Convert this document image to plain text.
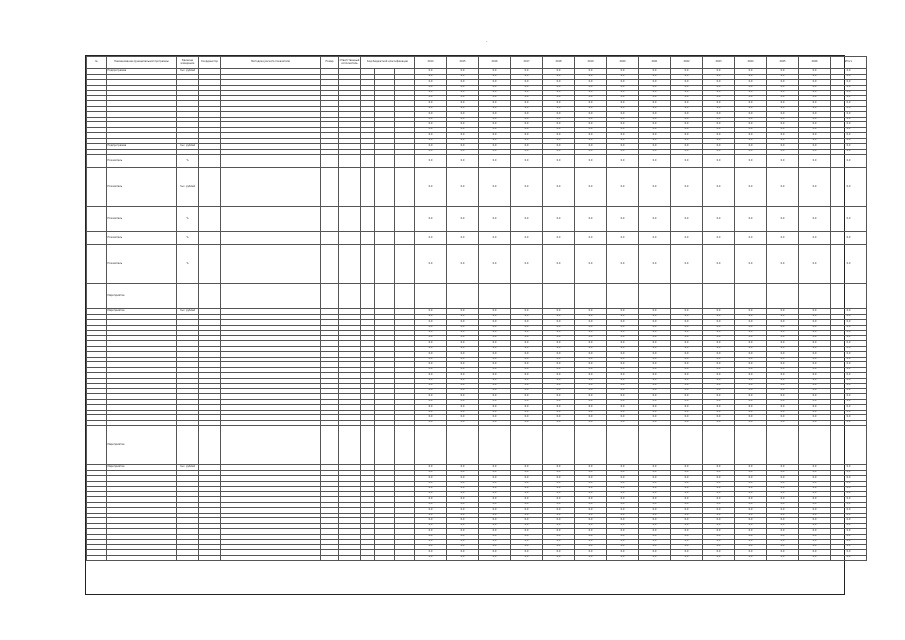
.
№	Наименование муниципальной программы	Единица измерения	Координатор	Методика расчета показателя	Номер	Ответственный исполнитель	Код бюджетной классификации			2014	2015	2016	2017	2018	2019	2020	2021	2022	2023	2024	2025	2026	Итого
	Подпрограмма	тыс. рублей								0,0	0,0	0,0	0,0	0,0	0,0	0,0	0,0	0,0	0,0	0,0	0,0	0,0	0,0
										0,0	0,0	0,0	0,0	0,0	0,0	0,0	0,0	0,0	0,0	0,0	0,0	0,0	0,0
										0,0	0,0	0,0	0,0	0,0	0,0	0,0	0,0	0,0	0,0	0,0	0,0	0,0	0,0
										0,0	0,0	0,0	0,0	0,0	0,0	0,0	0,0	0,0	0,0	0,0	0,0	0,0	0,0
										0,0	0,0	0,0	0,0	0,0	0,0	0,0	0,0	0,0	0,0	0,0	0,0	0,0	0,0
										0,0	0,0	0,0	0,0	0,0	0,0	0,0	0,0	0,0	0,0	0,0	0,0	0,0	0,0
										0,0	0,0	0,0	0,0	0,0	0,0	0,0	0,0	0,0	0,0	0,0	0,0	0,0	0,0
										0,0	0,0	0,0	0,0	0,0	0,0	0,0	0,0	0,0	0,0	0,0	0,0	0,0	0,0
										0,0	0,0	0,0	0,0	0,0	0,0	0,0	0,0	0,0	0,0	0,0	0,0	0,0	0,0
										0,0	0,0	0,0	0,0	0,0	0,0	0,0	0,0	0,0	0,0	0,0	0,0	0,0	0,0
										0,0	0,0	0,0	0,0	0,0	0,0	0,0	0,0	0,0	0,0	0,0	0,0	0,0	0,0
										0,0	0,0	0,0	0,0	0,0	0,0	0,0	0,0	0,0	0,0	0,0	0,0	0,0	0,0
										0,0	0,0	0,0	0,0	0,0	0,0	0,0	0,0	0,0	0,0	0,0	0,0	0,0	0,0
										0,0	0,0	0,0	0,0	0,0	0,0	0,0	0,0	0,0	0,0	0,0	0,0	0,0	0,0
	Подпрограмма	тыс. рублей								0,0	0,0	0,0	0,0	0,0	0,0	0,0	0,0	0,0	0,0	0,0	0,0	0,0	0,0
										0,0	0,0	0,0	0,0	0,0	0,0	0,0	0,0	0,0	0,0	0,0	0,0	0,0	0,0
	Показатель	%								0,0	0,0	0,0	0,0	0,0	0,0	0,0	0,0	0,0	0,0	0,0	0,0	0,0	0,0
	Показатель	тыс. рублей								0,0	0,0	0,0	0,0	0,0	0,0	0,0	0,0	0,0	0,0	0,0	0,0	0,0	0,0
	Показатель	%								0,0	0,0	0,0	0,0	0,0	0,0	0,0	0,0	0,0	0,0	0,0	0,0	0,0	0,0
	Показатель	%								0,0	0,0	0,0	0,0	0,0	0,0	0,0	0,0	0,0	0,0	0,0	0,0	0,0	0,0
	Показатель	%								0,0	0,0	0,0	0,0	0,0	0,0	0,0	0,0	0,0	0,0	0,0	0,0	0,0	0,0
	Мероприятие																						
	Мероприятие	тыс. рублей								0,0	0,0	0,0	0,0	0,0	0,0	0,0	0,0	0,0	0,0	0,0	0,0	0,0	0,0
										0,0	0,0	0,0	0,0	0,0	0,0	0,0	0,0	0,0	0,0	0,0	0,0	0,0	0,0
										0,0	0,0	0,0	0,0	0,0	0,0	0,0	0,0	0,0	0,0	0,0	0,0	0,0	0,0
										0,0	0,0	0,0	0,0	0,0	0,0	0,0	0,0	0,0	0,0	0,0	0,0	0,0	0,0
										0,0	0,0	0,0	0,0	0,0	0,0	0,0	0,0	0,0	0,0	0,0	0,0	0,0	0,0
										0,0	0,0	0,0	0,0	0,0	0,0	0,0	0,0	0,0	0,0	0,0	0,0	0,0	0,0
										0,0	0,0	0,0	0,0	0,0	0,0	0,0	0,0	0,0	0,0	0,0	0,0	0,0	0,0
										0,0	0,0	0,0	0,0	0,0	0,0	0,0	0,0	0,0	0,0	0,0	0,0	0,0	0,0
										0,0	0,0	0,0	0,0	0,0	0,0	0,0	0,0	0,0	0,0	0,0	0,0	0,0	0,0
										0,0	0,0	0,0	0,0	0,0	0,0	0,0	0,0	0,0	0,0	0,0	0,0	0,0	0,0
										0,0	0,0	0,0	0,0	0,0	0,0	0,0	0,0	0,0	0,0	0,0	0,0	0,0	0,0
										0,0	0,0	0,0	0,0	0,0	0,0	0,0	0,0	0,0	0,0	0,0	0,0	0,0	0,0
										0,0	0,0	0,0	0,0	0,0	0,0	0,0	0,0	0,0	0,0	0,0	0,0	0,0	0,0
										0,0	0,0	0,0	0,0	0,0	0,0	0,0	0,0	0,0	0,0	0,0	0,0	0,0	0,0
										0,0	0,0	0,0	0,0	0,0	0,0	0,0	0,0	0,0	0,0	0,0	0,0	0,0	0,0
										0,0	0,0	0,0	0,0	0,0	0,0	0,0	0,0	0,0	0,0	0,0	0,0	0,0	0,0
										0,0	0,0	0,0	0,0	0,0	0,0	0,0	0,0	0,0	0,0	0,0	0,0	0,0	0,0
										0,0	0,0	0,0	0,0	0,0	0,0	0,0	0,0	0,0	0,0	0,0	0,0	0,0	0,0
										0,0	0,0	0,0	0,0	0,0	0,0	0,0	0,0	0,0	0,0	0,0	0,0	0,0	0,0
										0,0	0,0	0,0	0,0	0,0	0,0	0,0	0,0	0,0	0,0	0,0	0,0	0,0	0,0
										0,0	0,0	0,0	0,0	0,0	0,0	0,0	0,0	0,0	0,0	0,0	0,0	0,0	0,0
										0,0	0,0	0,0	0,0	0,0	0,0	0,0	0,0	0,0	0,0	0,0	0,0	0,0	0,0
	Мероприятие																						
	Мероприятие	тыс. рублей								0,0	0,0	0,0	0,0	0,0	0,0	0,0	0,0	0,0	0,0	0,0	0,0	0,0	0,0
										0,0	0,0	0,0	0,0	0,0	0,0	0,0	0,0	0,0	0,0	0,0	0,0	0,0	0,0
										0,0	0,0	0,0	0,0	0,0	0,0	0,0	0,0	0,0	0,0	0,0	0,0	0,0	0,0
										0,0	0,0	0,0	0,0	0,0	0,0	0,0	0,0	0,0	0,0	0,0	0,0	0,0	0,0
										0,0	0,0	0,0	0,0	0,0	0,0	0,0	0,0	0,0	0,0	0,0	0,0	0,0	0,0
										0,0	0,0	0,0	0,0	0,0	0,0	0,0	0,0	0,0	0,0	0,0	0,0	0,0	0,0
										0,0	0,0	0,0	0,0	0,0	0,0	0,0	0,0	0,0	0,0	0,0	0,0	0,0	0,0
										0,0	0,0	0,0	0,0	0,0	0,0	0,0	0,0	0,0	0,0	0,0	0,0	0,0	0,0
										0,0	0,0	0,0	0,0	0,0	0,0	0,0	0,0	0,0	0,0	0,0	0,0	0,0	0,0
										0,0	0,0	0,0	0,0	0,0	0,0	0,0	0,0	0,0	0,0	0,0	0,0	0,0	0,0
										0,0	0,0	0,0	0,0	0,0	0,0	0,0	0,0	0,0	0,0	0,0	0,0	0,0	0,0
										0,0	0,0	0,0	0,0	0,0	0,0	0,0	0,0	0,0	0,0	0,0	0,0	0,0	0,0
										0,0	0,0	0,0	0,0	0,0	0,0	0,0	0,0	0,0	0,0	0,0	0,0	0,0	0,0
										0,0	0,0	0,0	0,0	0,0	0,0	0,0	0,0	0,0	0,0	0,0	0,0	0,0	0,0
										0,0	0,0	0,0	0,0	0,0	0,0	0,0	0,0	0,0	0,0	0,0	0,0	0,0	0,0
										0,0	0,0	0,0	0,0	0,0	0,0	0,0	0,0	0,0	0,0	0,0	0,0	0,0	0,0
										0,0	0,0	0,0	0,0	0,0	0,0	0,0	0,0	0,0	0,0	0,0	0,0	0,0	0,0
										0,0	0,0	0,0	0,0	0,0	0,0	0,0	0,0	0,0	0,0	0,0	0,0	0,0	0,0
